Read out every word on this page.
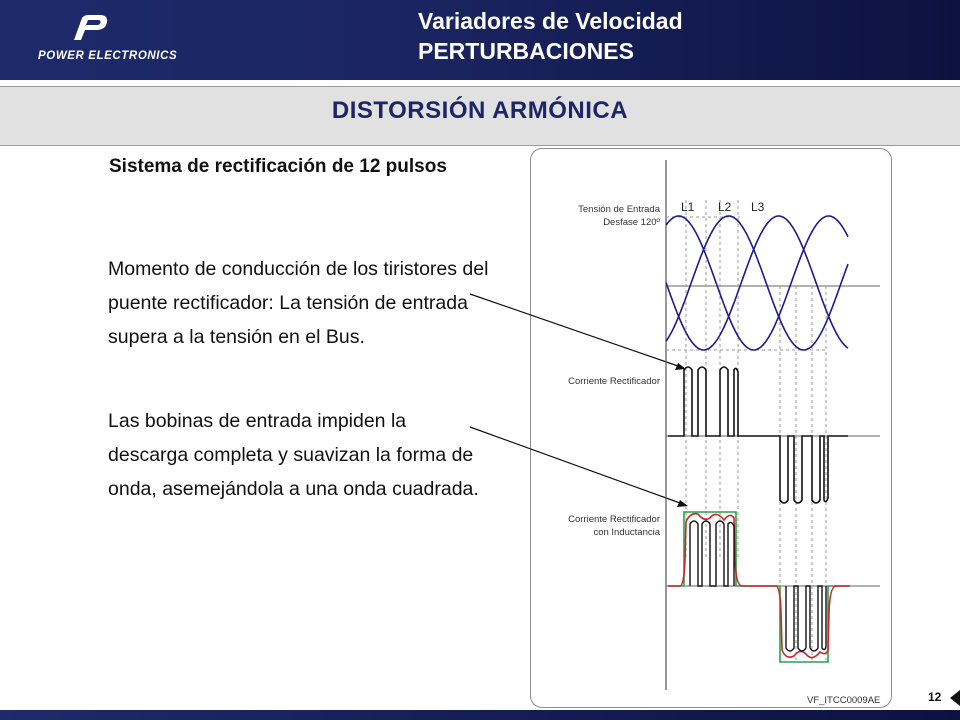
POWER ELECTRONICS
Variadores de Velocidad
PERTURBACIONES
DISTORSIÓN ARMÓNICA
Sistema de rectificación de 12 pulsos
Momento de conducción de los tiristores del puente rectificador: La tensión de entrada supera a la tensión en el Bus.
Las bobinas de entrada impiden la descarga completa y suavizan la forma de onda, asemejándola a una onda cuadrada.
Tensión de Entrada
Desfase 120º
L1 L2 L3
Corriente Rectificador
Corriente Rectificador
con Inductancia
VF_ITCC0009AE	12
